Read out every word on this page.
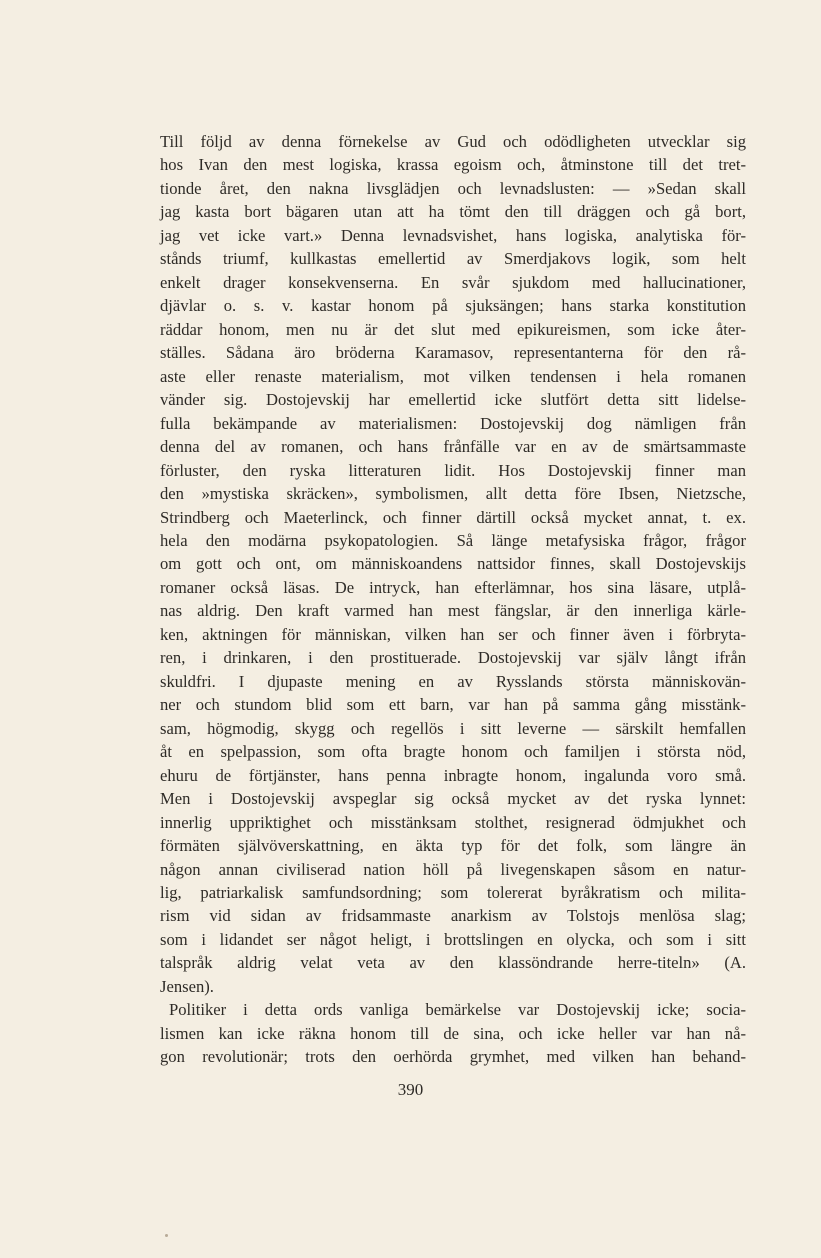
Till följd av denna förnekelse av Gud och odödligheten utvecklar sig
hos Ivan den mest logiska, krassa egoism och, åtminstone till det tret-
tionde året, den nakna livsglädjen och levnadslusten: — »Sedan skall
jag kasta bort bägaren utan att ha tömt den till dräggen och gå bort,
jag vet icke vart.» Denna levnadsvishet, hans logiska, analytiska för-
stånds triumf, kullkastas emellertid av Smerdjakovs logik, som helt
enkelt drager konsekvenserna. En svår sjukdom med hallucinationer,
djävlar o. s. v. kastar honom på sjuksängen; hans starka konstitution
räddar honom, men nu är det slut med epikureismen, som icke åter-
ställes. Sådana äro bröderna Karamasov, representanterna för den rå-
aste eller renaste materialism, mot vilken tendensen i hela romanen
vänder sig. Dostojevskij har emellertid icke slutfört detta sitt lidelse-
fulla bekämpande av materialismen: Dostojevskij dog nämligen från
denna del av romanen, och hans frånfälle var en av de smärtsammaste
förluster, den ryska litteraturen lidit. Hos Dostojevskij finner man
den »mystiska skräcken», symbolismen, allt detta före Ibsen, Nietzsche,
Strindberg och Maeterlinck, och finner därtill också mycket annat, t. ex.
hela den modärna psykopatologien. Så länge metafysiska frågor, frågor
om gott och ont, om människoandens nattsidor finnes, skall Dostojevskijs
romaner också läsas. De intryck, han efterlämnar, hos sina läsare, utplå-
nas aldrig. Den kraft varmed han mest fängslar, är den innerliga kärle-
ken, aktningen för människan, vilken han ser och finner även i förbryta-
ren, i drinkaren, i den prostituerade. Dostojevskij var själv långt ifrån
skuldfri. I djupaste mening en av Rysslands största människovän-
ner och stundom blid som ett barn, var han på samma gång misstänk-
sam, högmodig, skygg och regellös i sitt leverne — särskilt hemfallen
åt en spelpassion, som ofta bragte honom och familjen i största nöd,
ehuru de förtjänster, hans penna inbragte honom, ingalunda voro små.
Men i Dostojevskij avspeglar sig också mycket av det ryska lynnet:
innerlig uppriktighet och misstänksam stolthet, resignerad ödmjukhet och
förmäten självöverskattning, en äkta typ för det folk, som längre än
någon annan civiliserad nation höll på livegenskapen såsom en natur-
lig, patriarkalisk samfundsordning; som tolererat byråkratism och milita-
rism vid sidan av fridsammaste anarkism av Tolstojs menlösa slag;
som i lidandet ser något heligt, i brottslingen en olycka, och som i sitt
talspråk aldrig velat veta av den klassöndrande herre-titeln» (A.
Jensen).
Politiker i detta ords vanliga bemärkelse var Dostojevskij icke; socia-
lismen kan icke räkna honom till de sina, och icke heller var han nå-
gon revolutionär; trots den oerhörda grymhet, med vilken han behand-
390
